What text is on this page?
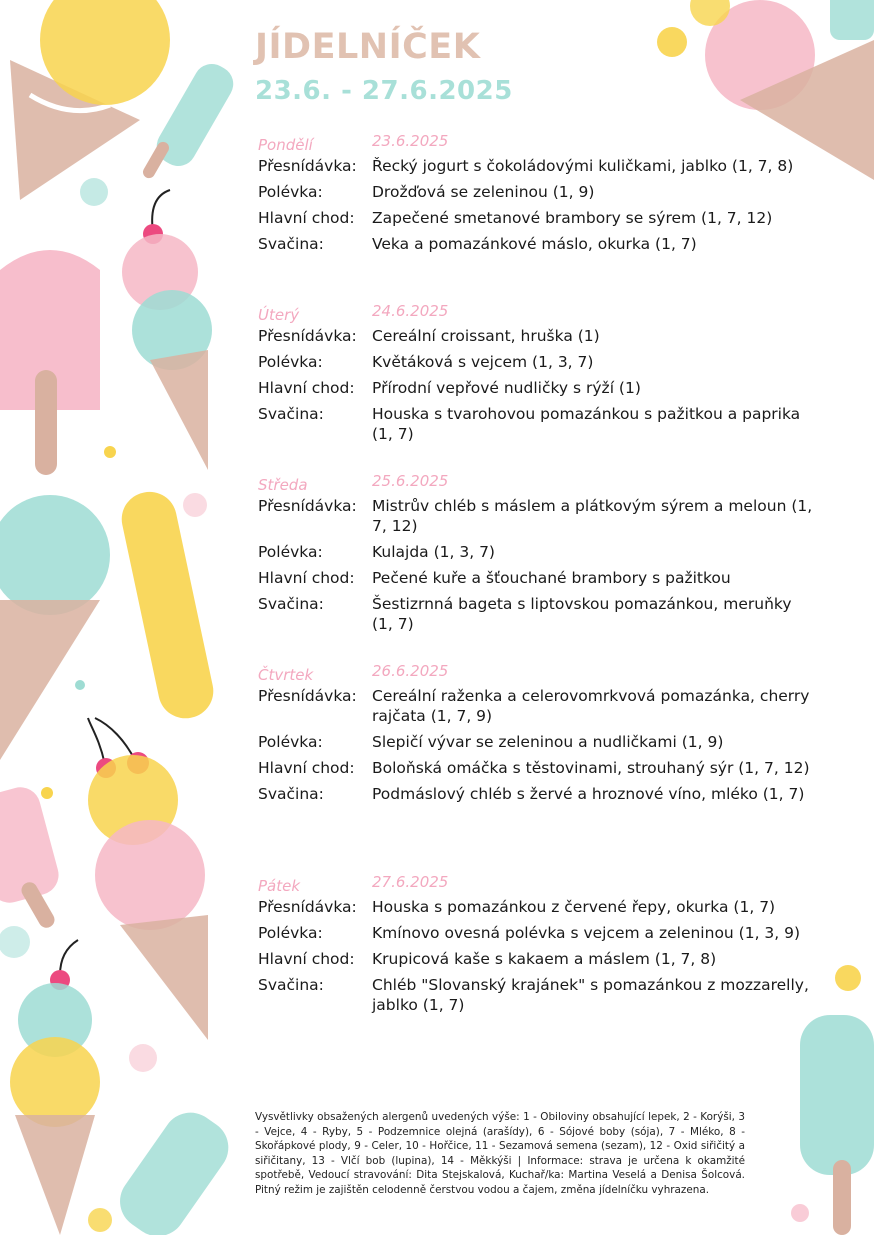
JÍDELNÍČEK
23.6. - 27.6.2025
Pondělí	23.6.2025
Přesnídávka: Řecký jogurt s čokoládovými kuličkami, jablko (1, 7, 8)
Polévka:	Drožďová se zeleninou (1, 9)
Hlavní chod:	Zapečené smetanové brambory se sýrem (1, 7, 12)
Svačina:	Veka a pomazánkové máslo, okurka (1, 7)
Úterý	24.6.2025
Přesnídávka: Cereální croissant, hruška (1)
Polévka:	Květáková s vejcem (1, 3, 7)
Hlavní chod:	Přírodní vepřové nudličky s rýží (1)
Svačina:	Houska s tvarohovou pomazánkou s pažitkou a paprika (1, 7)
Středa	25.6.2025
Přesnídávka: Mistrův chléb s máslem a plátkovým sýrem a meloun (1, 7, 12)
Polévka:	Kulajda (1, 3, 7)
Hlavní chod:	Pečené kuře a šťouchané brambory s pažitkou
Svačina:	Šestizrnná bageta s liptovskou pomazánkou, meruňky (1, 7)
Čtvrtek	26.6.2025
Přesnídávka: Cereální raženka a celerovomrkvová pomazánka, cherry rajčata (1, 7, 9)
Polévka:	Slepičí vývar se zeleninou a nudličkami (1, 9)
Hlavní chod:	Boloňská omáčka s těstovinami, strouhaný sýr (1, 7, 12)
Svačina:	Podmáslový chléb s žervé a hroznové víno, mléko (1, 7)
Pátek	27.6.2025
Přesnídávka: Houska s pomazánkou z červené řepy, okurka (1, 7)
Polévka:	Kmínovo ovesná polévka s vejcem a zeleninou (1, 3, 9)
Hlavní chod:	Krupicová kaše s kakaem a máslem (1, 7, 8)
Svačina:	Chléb "Slovanský krajánek" s pomazánkou z mozzarelly, jablko (1, 7)

Vysvětlivky obsažených alergenů uvedených výše: 1 - Obiloviny obsahující lepek, 2 - Korýši, 3 - Vejce, 4 - Ryby, 5 - Podzemnice olejná (arašídy), 6 - Sójové boby (sója), 7 - Mléko, 8 - Skořápkové plody, 9 - Celer, 10 - Hořčice, 11 - Sezamová semena (sezam), 12 - Oxid siřičitý a siřičitany, 13 - Vlčí bob (lupina), 14 - Měkkýši | Informace: strava je určena k okamžité spotřebě, Vedoucí stravování: Dita Stejskalová, Kuchař/ka: Martina Veselá a Denisa Šolcová. Pitný režim je zajištěn celodenně čerstvou vodou a čajem, změna jídelníčku vyhrazena.
